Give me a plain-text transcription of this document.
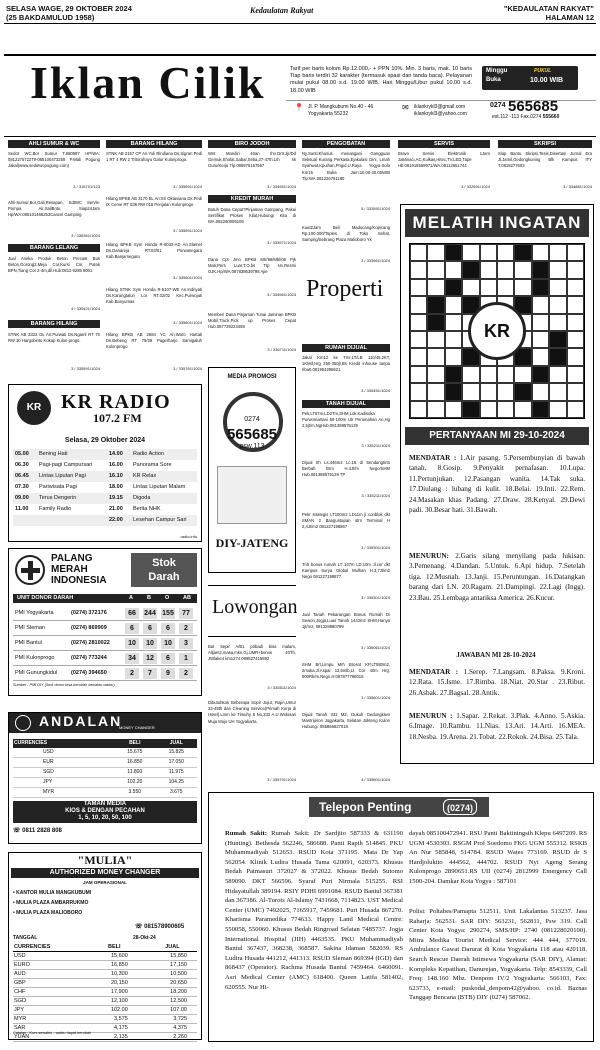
SELASA WAGE, 29 OKTOBER 2024
(25 BAKDAMULUD 1958)
Kedaulatan Rakyat	"KEDAULATAN RAKYAT"
HALAMAN 12
Iklan Cilik	Tarif per baris kolom Rp.12.000,- + PPN 10%. Min. 3 baris, mak. 10 baris Tiap baris terdiri 32 karakter (termasuk spasi dan tanda baca). Pelayanan mulai pukul 08.00 s.d. 19.00 WIB. Hari Minggu/Libur pukul 10.00 s.d. 18.00 WIB
Minggu
Buka
PUKUL
10.00 WIB
📍 Jl. P. Mangkubumi No.40 - 46
Yogyakarta 55232
✉ iklankrykl3@gmail.com
iklankrykl3@yahoo.com
0274 565685
ext.112 -113 Fax.0274 555660
AHLI SUMUR & WC
Sedot WC,Bor Sumur T.580597 HP/WA: 081227572279-085100473255 P.Wali Pogung Jakal(www.sedotwcpogung.com)
3 / 315701/123
Ahli-Sumur,Bor,Gali,Resapan, SdtWC Servis-Pompa Air,SaliBntu. Siap24Jam Hp/WA:085101466253Cancel Gamping
3 / 335361/1024
BARANG LELANG
Jual Aneka Produk Beton Precast Bus Beton,Gorong2,Meja Cor,Kursi Cor, Patok BPN,Tiang Cor 2-4m,dll.Hub:0813 9285 9001
4 / 335421/1024
BARANG HILANG
STNK AB 3322 OL An:Purwati Ds.Ngaml RT 70 RW 30 Hargobinto Kokap Kulon-progo.
3 / 335591/1024
BARANG HILANG
STNK AB 2157 CP An.Yuli Rindiana Ds.Sigran Pedi 1 RT 4 RW 2 Tritorahayu Galur Kulonprogo.
3 / 335591/1024
Hilang BPKB AB 3170 EL An:Sri Oktaviana Ds.Pedi IX Ceme RT 036 RW 018 Penjalan Kulonprogo
3 / 335591/1024
Hilang BPKB Sym Honda R-6033-AD An.Slamet Ds.Danareja RT.03/01 Purwanegara Kab.Banjarnegara
3 / 335601/1024
Hilang STNK Sym Honda R-5107-WE An.Indriyati Ds.Karangtalun Lor RT.02/02 Kec.Purwojati Kab.Banyumas
3 / 335601/1024
Hilang BPKB AB 2684 YC An.Waro Hartati Ds.Bebeng RT 79/39 Pagerharjo Samigaluh Kulonprogo.
3 / 335761/1024
KR KR RADIO
107.2 FM
Selasa, 29 Oktober 2024
05.00 Bening Hati	14.00 Radio Action
06.30 Pagi-pagi Campursari	16.00 Panorama Sore
06.45 Lintas Liputan Pagi	16.10 KR Relax
07.30 Pariwisata Pagi	18.00 Lintas Liputan Malam
09.00 Terus Dengerin	19.15 Digoda
11.00 Family Radio	21.00 Berita NHK
22.00 Lesehan Campur Sari
radio.info
PALANG
MERAH
INDONESIA
Stok
Darah
UNIT DONOR DARAH	A	B	O AB
PMI Yogyakarta	(0274) 372176	66	244 155	77
PMI Sleman	(0274) 869909	6	6	6	2
PMI Bantul	(0274) 2810022	10	10	10	3
PMI Kulonprogo	(0274) 773244	34	12	6	1
PMI Gunungkidul	(0274) 394650	2	7	9	2
Sumber : PMI DIY (Stok donor bisa berubah sewaktu-waktu).
ANDALAN
MONEY CHANGER
CURRENCIES	BELI	JUAL
USD	15.675	15.825
EUR	16.850	17.050
SGD	11.800	11.975
JPY	102.20	104.25
MYR	3.550	3.675
TAMAN MEDIA
KIOS & DENGAN PECAHAN
1, 5, 10, 20, 50, 100
☏ 0811 2828 808
"MULIA"
AUTHORIZED MONEY CHANGER
JAM OPERASIONAL
• KANTOR MULIA MANGKUBUMI
• MULIA PLAZA AMBARRUKMO
• MULIA PLAZA MALIOBORO
☏ 081578900605
TANGGAL	28-Okt-24
CURRENCIES	BELI	JUAL
USD	15,600	15,850
EURO	16,850	17,150
AUD	10,300	10,500
GBP	20,150	20,650
CHF	17,900	18,200
SGD	12,100	12,500
JPY	102.00	107.00
MYR	3,575	3,725
SAR	4,175	4,375
YUAN	2,135	2,260
Catatan : Kurs sewaktu - waktu dapat berubah
BIRO JODOH
Wnt Mandiri 40an thn.Drtr.Jjr/Dd Gemuk,Sholat,Sabar,Setia,37-47th.Lth sk Guru/Kerja Tlp.085975167567
3 / 334951/1024
KREDIT MURAH
Butuh Dana Cepat?Pinjaman Gampang, Pakai Sertifikat Proses Kilat,Hubungi Kita di WA.082260009109
3 / 333971/1024
Dana Cpt Jmn BPKB Mtr/96/Mbl/06 Pjk Mati,Pnrs Luar,T.O.bs Trp srv.Resmi OJK.Hp/WA:087838639796 Ajie
3 / 334961/1024
Memberi Dana Pinjaman Tunai Jaminan BPKB Mobil,Truck,Pick up Proses Cepat Hub.087739223469
3 / 336711/1024
MEDIA PROMOSI
0274
565685
psw.113
DIY-JATENG
Lowongan
Bat Sepir A/B1 pribadi bisa malam, Alljam2,masa,mkn,Gj.UMR+bonus 40Th, JWlake4 km1274 089527415892
3 / 335511/1024
Dibutuhkan Beberapa Sopir Jujur, Rajin,Umur 33-49th dan Cleaning Service(Pemah Kerja di Hotel).Lmm ke Timuhy 8 No.333 A.U.Widosari Muja Muju UH Yogyakarta.
3 / 335791/1024
PENGOBATAN
Ny.Sunti:Khusus menangani Gangguan Seksual Kurang Perkasa,Ejakulasi Dini, Lmah Syahwat,Kpuihan,Prigid,U.Raya Yogya-Solo Km15 Buka Jam:10.00-20.00WIB Tlp:WA.081226781180
5 / 333591/1024
Kuat2Jam Beli Maducang/Kopicang Rp.100.000/Toples di Toko Sehat, Sampng/Sebrang Plaza Malioboro Yk
3 / 333961/1024
Properti
RUMAH DIJUAL
Jakal Km12 ke Tmr,LT/LB 110/45,2KT, 1KMd,Hrg 250-350jt,Bs Kredit inhouse tanpa riba0.081904295621
3 / 335451/1024
TANAH DIJUAL
Pek,LT67m,LD2Tm,SHM,Lok.Kadisoka Purwomartani 50-100m Utr Perumahan An,Hg 2,5jt/m.NgHub:081388575129
3 / 335211/1024
Dijual trh Ls.446m2 Lc.16 di Sendangtirto Berbah Brm H.4Jt/m Nego!SHM Hub.081388575129 TP
3 / 335211/1024
Pekr strategis LT100m2 LD11m jl conblok dkt SMAN 2 Banguntapan strn Terminal H 2,4Jt/m2 081227198867
3 / 335301/1024
Tnh bonus rumah LT 147m LD:10m Jl.cor dkt Kampus Surya Global Mulhan H.3,7Jt/m2 Nego 081227198877
3 / 335301/1024
Jual Tanah Pekarangan Bonus Rumah Di Sewon,Jogja,Luas Tanah 1442m2 SHM,Hanya 1jt/m2, 081328880799
3 / 335061/1024
SHM Brt,Limpu Mrh Brosot KP,LT580m2, 2muka,Jl.Aspal 13,5mlb,Lt Cor 40m Hrg: 900Rb/m.Nego H:087877768015
3 / 335601/1024
Dijual Tanah 332 M2, Dukuh Gedungkiwo Mantrijeron Jogjakarta, Selatan Jokteng Kulon Hubungi: 085866627018.
4 / 335801/1024
SERVIS
Bravo Servis Elektronik 1Jam JaMinaci,AC,Kulkas,Hitec,TV,LED,Tape Hb:081915559971/WA.08112651744
3 / 332591/1024
SKRIPSI
Siap Bantu Skripsi,Tesis,Disertasi Jurnal Era Jl.Jamil,Gedongkuning Blk Kampus ITY T.0818277603
3 / 334881/1024
MELATIH INGATAN
KR
PERTANYAAN MI 29-10-2024
MENDATAR : 1.Air pasang. 5.Persembunyian di bawah tanah. 8.Gosip. 9.Penyakit pernafasan. 10.Lupa. 11.Pertunjukan. 12.Pasangan wanita. 14.Tak suka. 17.Diulang : lubang di kulit. 18.Belai. 19.Inti. 22.Rem. 24.Masakan khas Padang. 27.Draw. 28.Kenyal. 29.Dewi padi. 30.Besar hati. 31.Bawah.
MENURUN: 2.Garis silang menyilang pada lukisan. 3.Pemenang. 4.Dandan. 5.Untuk. 6.Api hidup. 7.Setelah tiga. 12.Musnah. 13.Janji. 15.Peruntungan. 16.Datangkan barang dari LN. 20.Ragam. 21.Dampingi. 22.Lagi (Ingg). 23.Bau. 25.Lembaga antariksa America. 26.Kucur.
JAWABAN MI 28-10-2024
MENDATAR : 1.Serep. 7.Langsam. 8.Paksa. 9.Kroni. 12.Rata. 15.Isme. 17.Rimba. 18.Niat. 20.Star . 23.Ribut. 26.Asbak. 27.Bagsal. 28.Antik.
MENURUN : 1.Sapar. 2.Rekat. 3.Plak. 4.Anno. 5.Askia. 6.Image. 10.Rambu. 11.Nias. 13.Ari. 14.Arti. 16.MEA. 18.Nesba. 19.Arena. 21.Tobat. 22.Rokok. 24.Bisa. 25.Tala.
Telepon Penting	(0274)
Rumah Sakit: Rumah Sakit: Dr Sardjito 587333 & 631190 (Hunting). Bethesda 562246, 586688. Panti Rapih 514845. PKU Muhammadiyah 512653. RSUD Kota 371195. Mata Dr Yap 562054. Klinik Ludira Husada Tama 620091, 620373. Khusus Bedah Patmasuri 372027 & 372022. Khusus Bedah Sutomo 589090. DKT 566596. Syaraf Puri Nirmala 515255. RSI Hidayatullah 389194. RSIY PDHI 6991084. RSUD Bantul 367381 dan 367386. Al-Turots Al-Islamy 7431668, 7114823. UST Medical Center (UMC) 7492025, 7165917, 7459681. Puri Husada 867270. Kharisma Paramedika 774633. Happy Land Medical Centre: 550058, 550060. Khusus Bedah Ringroad Selatan 7485737. Jogja International Hospital (JIH) 4463535. PKU Muhammadiyah Bantul 367437, 368238, 368587. Sakina Idaman 582039. RS Ludira Husada 441212, 441313. RSUD Sleman 869394 (IGD) dan 868437 (Operator). Rachma Husada Bantul 7459464. 6460091. Asri Medical Center (AMC) 618400. Queen Latifa 581402, 620555. Nur Hi-
dayah 085100472941. RSU Panti Baktiningsih Klepu 6497209. RS UGM 4530303. RSGM Prof Soedomo FKG UGM 555312. RSKB An Nur 585848, 514784. RSUD Wates 773169. RSUD dr S Hardjolukito 444562, 444702. RSUD Nyi Ageng Serang Kulonprogo 2890651.RS UII (0274) 2812999 Emergency Call 1500-204. Damkar Kota Yogya : 587101
Polisi: Poltabes/Pamapta 512511. Unit Lakalantas 513237. Jasa Raharja: 562531. SAR DIY: 563231, 562811, Psw 319. Call Center Kota Yogya: 290274, SMS/HP: 2740 (081228020100). Mitra Medika Tourist Medical Service: 444 444, 377019. Ambulance Gawat Darurat di Kota Yogyakarta 118 atau 420118. Search Rescue Daerah Istimewa Yogyakarta (SAR DIY), Alamat: Kompleks Kepatihan, Danurejan, Yogyakarta. Telp: 8543339, Call Freq: 148.160 Mhz. Denpom IV/2 Yogyakarta: 566103, Fax: 623733, e-mail: puskodal_denpom42@yahoo. co.id. Baznas Tanggap Bencana (BTB) DIY (0274) 587062.
